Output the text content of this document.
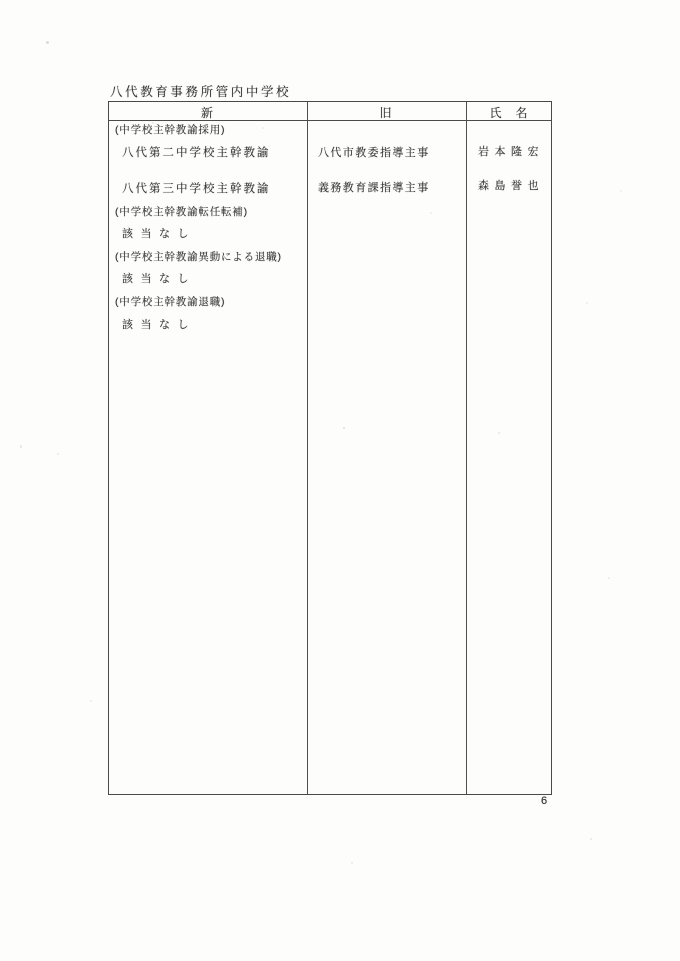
八代教育事務所管内中学校
新	旧	氏名
(中学校主幹教諭採用)
八代第二中学校主幹教諭	八代市教委指導主事	岩本隆宏
八代第三中学校主幹教諭	義務教育課指導主事	森島誉也
(中学校主幹教諭転任転補)
該当なし
(中学校主幹教諭異動による退職)
該当なし
(中学校主幹教諭退職)
該当なし
6
